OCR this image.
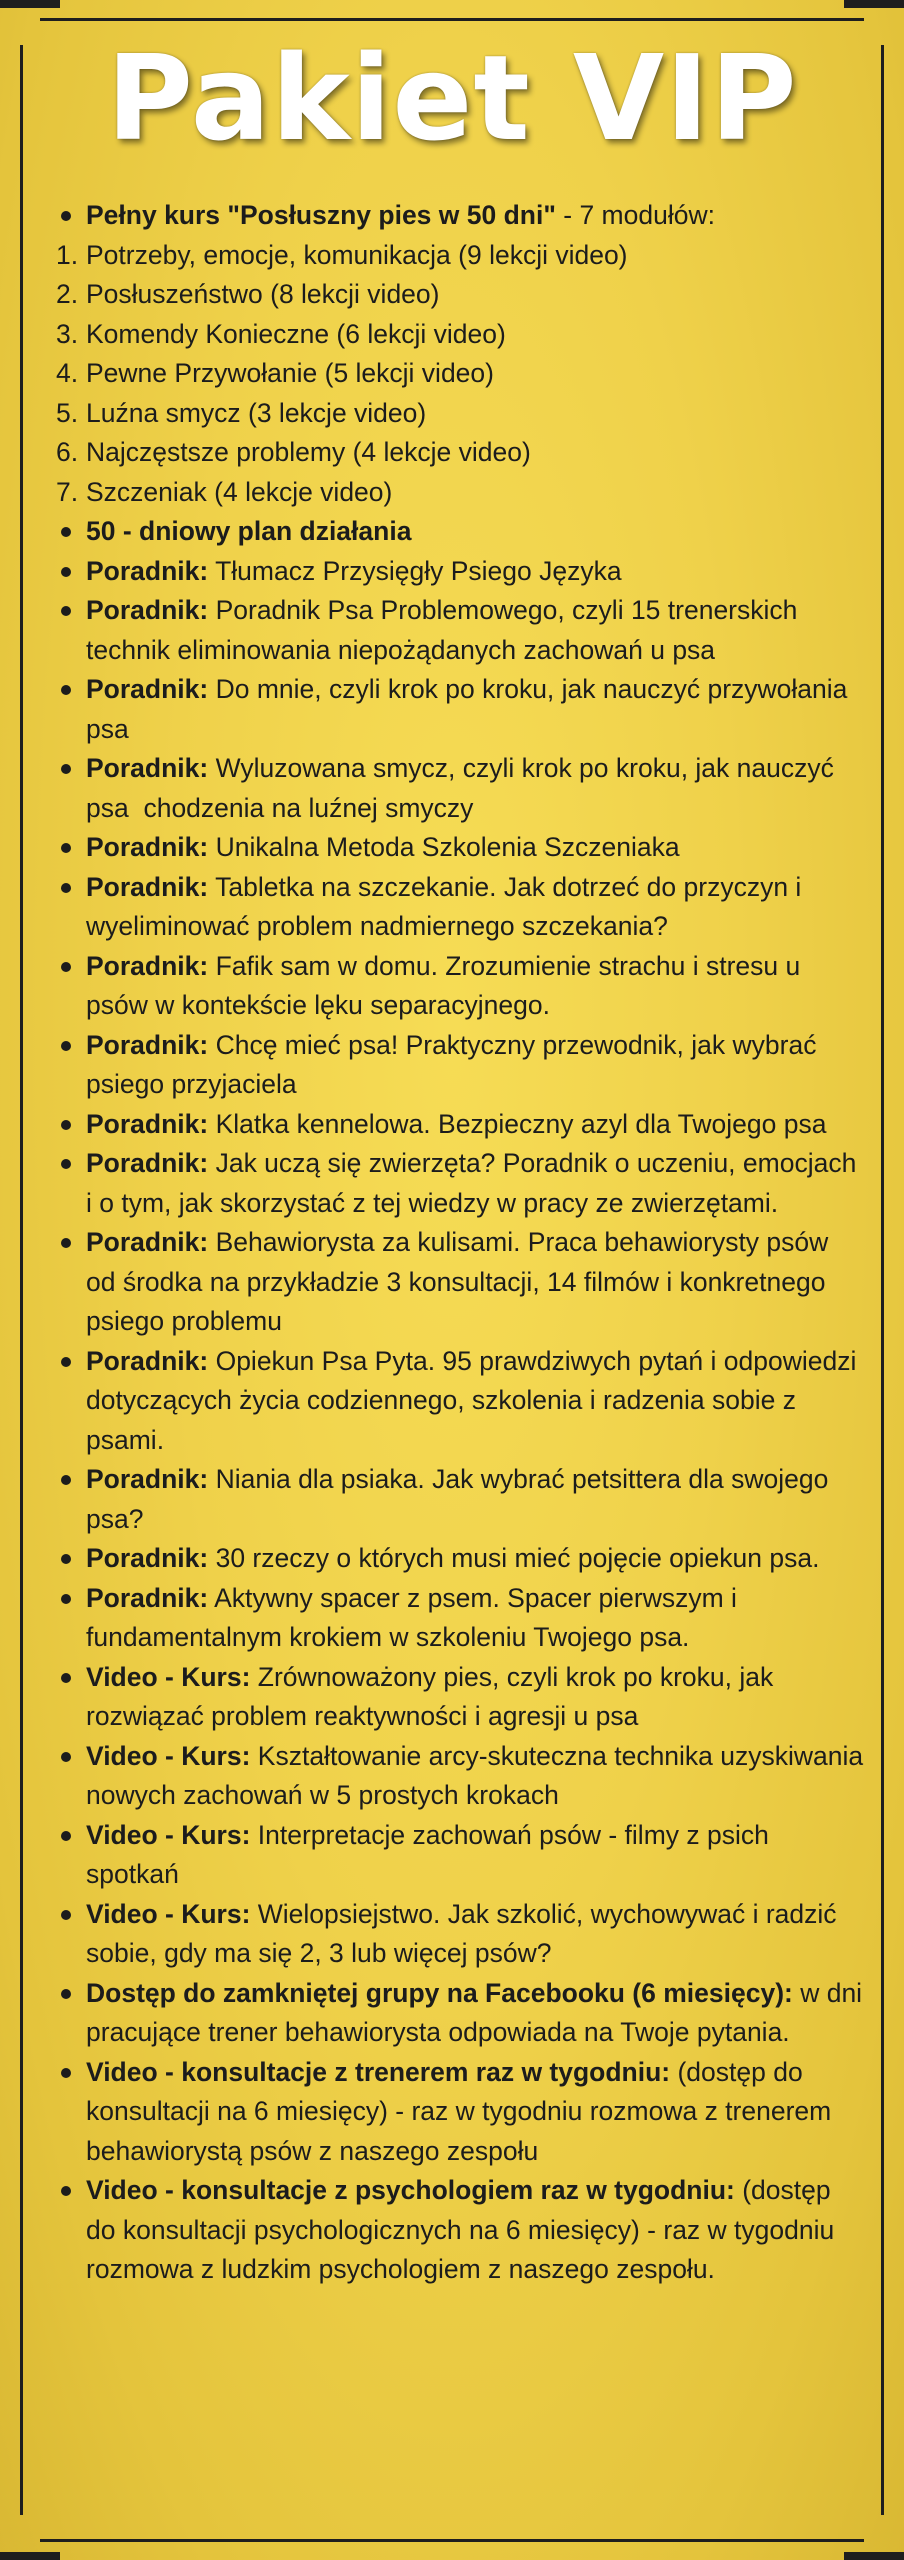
Pakiet VIP
Pełny kurs "Posłuszny pies w 50 dni" - 7 modułów:
1. Potrzeby, emocje, komunikacja (9 lekcji video)
2. Posłuszeństwo (8 lekcji video)
3. Komendy Konieczne (6 lekcji video)
4. Pewne Przywołanie (5 lekcji video)
5. Luźna smycz (3 lekcje video)
6. Najczęstsze problemy (4 lekcje video)
7. Szczeniak (4 lekcje video)
50 - dniowy plan działania
Poradnik: Tłumacz Przysięgły Psiego Języka
Poradnik: Poradnik Psa Problemowego, czyli 15 trenerskich technik eliminowania niepożądanych zachowań u psa
Poradnik: Do mnie, czyli krok po kroku, jak nauczyć przywołania psa
Poradnik: Wyluzowana smycz, czyli krok po kroku, jak nauczyć psa  chodzenia na luźnej smyczy
Poradnik: Unikalna Metoda Szkolenia Szczeniaka
Poradnik: Tabletka na szczekanie. Jak dotrzeć do przyczyn i wyeliminować problem nadmiernego szczekania?
Poradnik: Fafik sam w domu. Zrozumienie strachu i stresu u psów w kontekście lęku separacyjnego.
Poradnik: Chcę mieć psa! Praktyczny przewodnik, jak wybrać psiego przyjaciela
Poradnik: Klatka kennelowa. Bezpieczny azyl dla Twojego psa
Poradnik: Jak uczą się zwierzęta? Poradnik o uczeniu, emocjach i o tym, jak skorzystać z tej wiedzy w pracy ze zwierzętami.
Poradnik: Behawiorysta za kulisami. Praca behawiorysty psów od środka na przykładzie 3 konsultacji, 14 filmów i konkretnego psiego problemu
Poradnik: Opiekun Psa Pyta. 95 prawdziwych pytań i odpowiedzi dotyczących życia codziennego, szkolenia i radzenia sobie z psami.
Poradnik: Niania dla psiaka. Jak wybrać petsittera dla swojego psa?
Poradnik: 30 rzeczy o których musi mieć pojęcie opiekun psa.
Poradnik: Aktywny spacer z psem. Spacer pierwszym i fundamentalnym krokiem w szkoleniu Twojego psa.
Video - Kurs: Zrównoważony pies, czyli krok po kroku, jak rozwiązać problem reaktywności i agresji u psa
Video - Kurs: Kształtowanie arcy-skuteczna technika uzyskiwania nowych zachowań w 5 prostych krokach
Video - Kurs: Interpretacje zachowań psów - filmy z psich spotkań
Video - Kurs: Wielopsiejstwo. Jak szkolić, wychowywać i radzić sobie, gdy ma się 2, 3 lub więcej psów?
Dostęp do zamkniętej grupy na Facebooku (6 miesięcy): w dni pracujące trener behawiorysta odpowiada na Twoje pytania.
Video - konsultacje z trenerem raz w tygodniu: (dostęp do konsultacji na 6 miesięcy) - raz w tygodniu rozmowa z trenerem behawiorystą psów z naszego zespołu
Video - konsultacje z psychologiem raz w tygodniu: (dostęp do konsultacji psychologicznych na 6 miesięcy) - raz w tygodniu rozmowa z ludzkim psychologiem z naszego zespołu.
